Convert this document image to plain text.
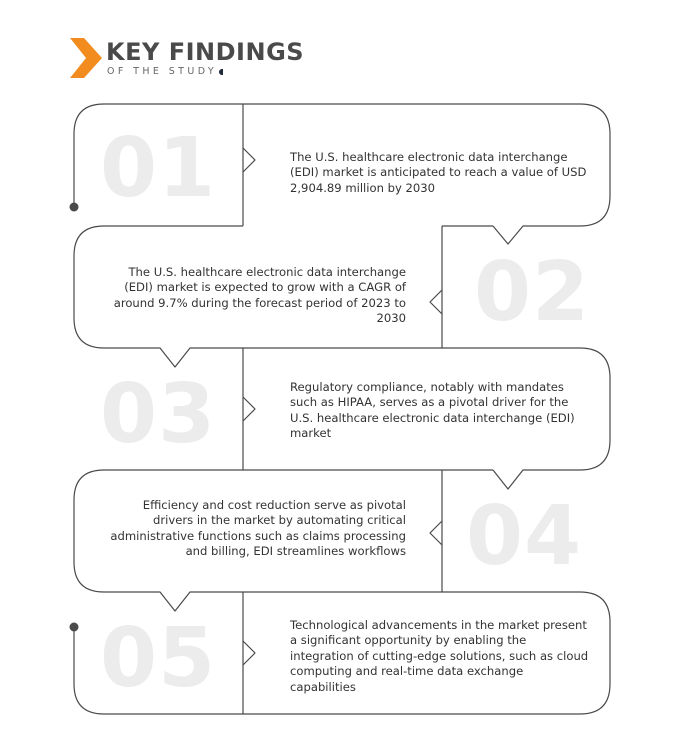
KEY FINDINGS
OF THE STUDY
01
02
03
04
05
The U.S. healthcare electronic data interchange (EDI) market is anticipated to reach a value of USD 2,904.89 million by 2030
The U.S. healthcare electronic data interchange (EDI) market is expected to grow with a CAGR of around 9.7% during the forecast period of 2023 to 2030
Regulatory compliance, notably with mandates such as HIPAA, serves as a pivotal driver for the U.S. healthcare electronic data interchange (EDI) market
Efficiency and cost reduction serve as pivotal drivers in the market by automating critical administrative functions such as claims processing and billing, EDI streamlines workflows
Technological advancements in the market present a significant opportunity by enabling the integration of cutting-edge solutions, such as cloud computing and real-time data exchange capabilities
